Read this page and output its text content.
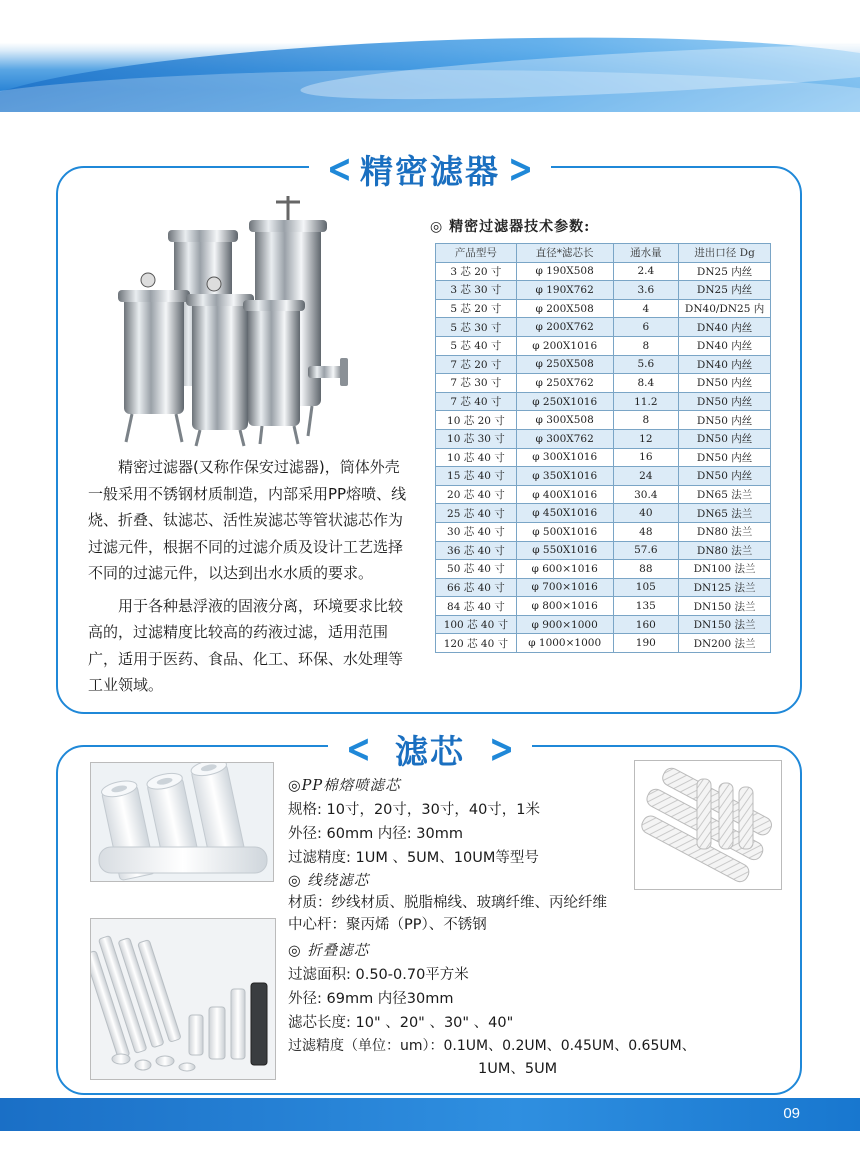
< 精密滤器 >

精密过滤器(又称作保安过滤器)，筒体外壳一般采用不锈钢材质制造，内部采用PP熔喷、线烧、折叠、钛滤芯、活性炭滤芯等管状滤芯作为过滤元件，根据不同的过滤介质及设计工艺选择不同的过滤元件，以达到出水水质的要求。

用于各种悬浮液的固液分离，环境要求比较高的，过滤精度比较高的药液过滤，适用范围广，适用于医药、食品、化工、环保、水处理等工业领域。

◎ 精密过滤器技术参数:
产品型号	直径*滤芯长	通水量	进出口径 Dg
3 芯 20 寸	φ 190X508	2.4	DN25 内丝
3 芯 30 寸	φ 190X762	3.6	DN25 内丝
5 芯 20 寸	φ 200X508	4	DN40/DN25 内
5 芯 30 寸	φ 200X762	6	DN40 内丝
5 芯 40 寸	φ 200X1016	8	DN40 内丝
7 芯 20 寸	φ 250X508	5.6	DN40 内丝
7 芯 30 寸	φ 250X762	8.4	DN50 内丝
7 芯 40 寸	φ 250X1016	11.2	DN50 内丝
10 芯 20 寸	φ 300X508	8	DN50 内丝
10 芯 30 寸	φ 300X762	12	DN50 内丝
10 芯 40 寸	φ 300X1016	16	DN50 内丝
15 芯 40 寸	φ 350X1016	24	DN50 内丝
20 芯 40 寸	φ 400X1016	30.4	DN65 法兰
25 芯 40 寸	φ 450X1016	40	DN65 法兰
30 芯 40 寸	φ 500X1016	48	DN80 法兰
36 芯 40 寸	φ 550X1016	57.6	DN80 法兰
50 芯 40 寸	φ 600×1016	88	DN100 法兰
66 芯 40 寸	φ 700×1016	105	DN125 法兰
84 芯 40 寸	φ 800×1016	135	DN150 法兰
100 芯 40 寸	φ 900×1000	160	DN150 法兰
120 芯 40 寸	φ 1000×1000	190	DN200 法兰
< 滤芯 >
◎PP棉熔喷滤芯
规格: 10寸，20寸，30寸，40寸，1米
外径: 60mm 内径: 30mm
过滤精度: 1UM 、5UM、10UM等型号
◎ 线绕滤芯
材质：纱线材质、脱脂棉线、玻璃纤维、丙纶纤维
中心杆：聚丙烯（PP）、不锈钢
◎ 折叠滤芯
过滤面积: 0.50-0.70平方米
外径: 69mm 内径30mm
滤芯长度: 10" 、20" 、30" 、40"
过滤精度（单位：um）：0.1UM、0.2UM、0.45UM、0.65UM、
1UM、5UM
09
